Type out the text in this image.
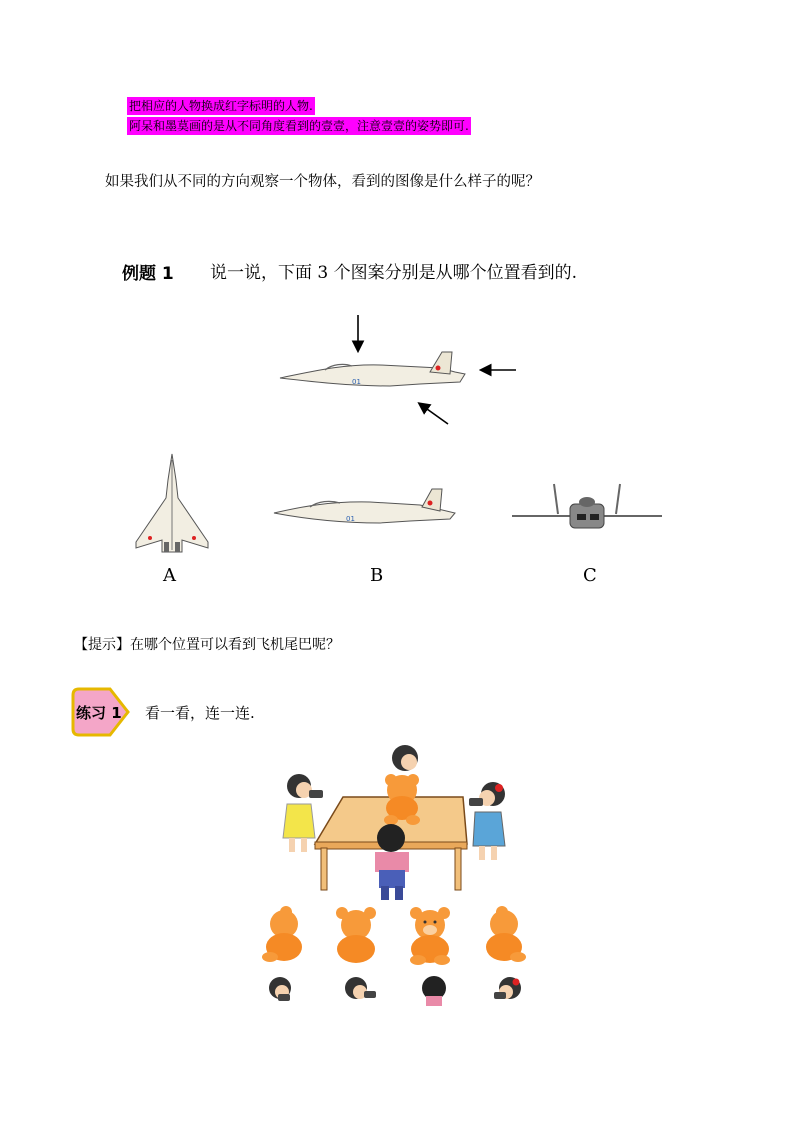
把相应的人物换成红字标明的人物.
阿呆和墨莫画的是从不同角度看到的壹壹，注意壹壹的姿势即可.
如果我们从不同的方向观察一个物体，看到的图像是什么样子的呢？
例题 1 说一说，下面 3 个图案分别是从哪个位置看到的.
01
A
01
B	C
【提示】在哪个位置可以看到飞机尾巴呢？
练习 1 看一看，连一连.
